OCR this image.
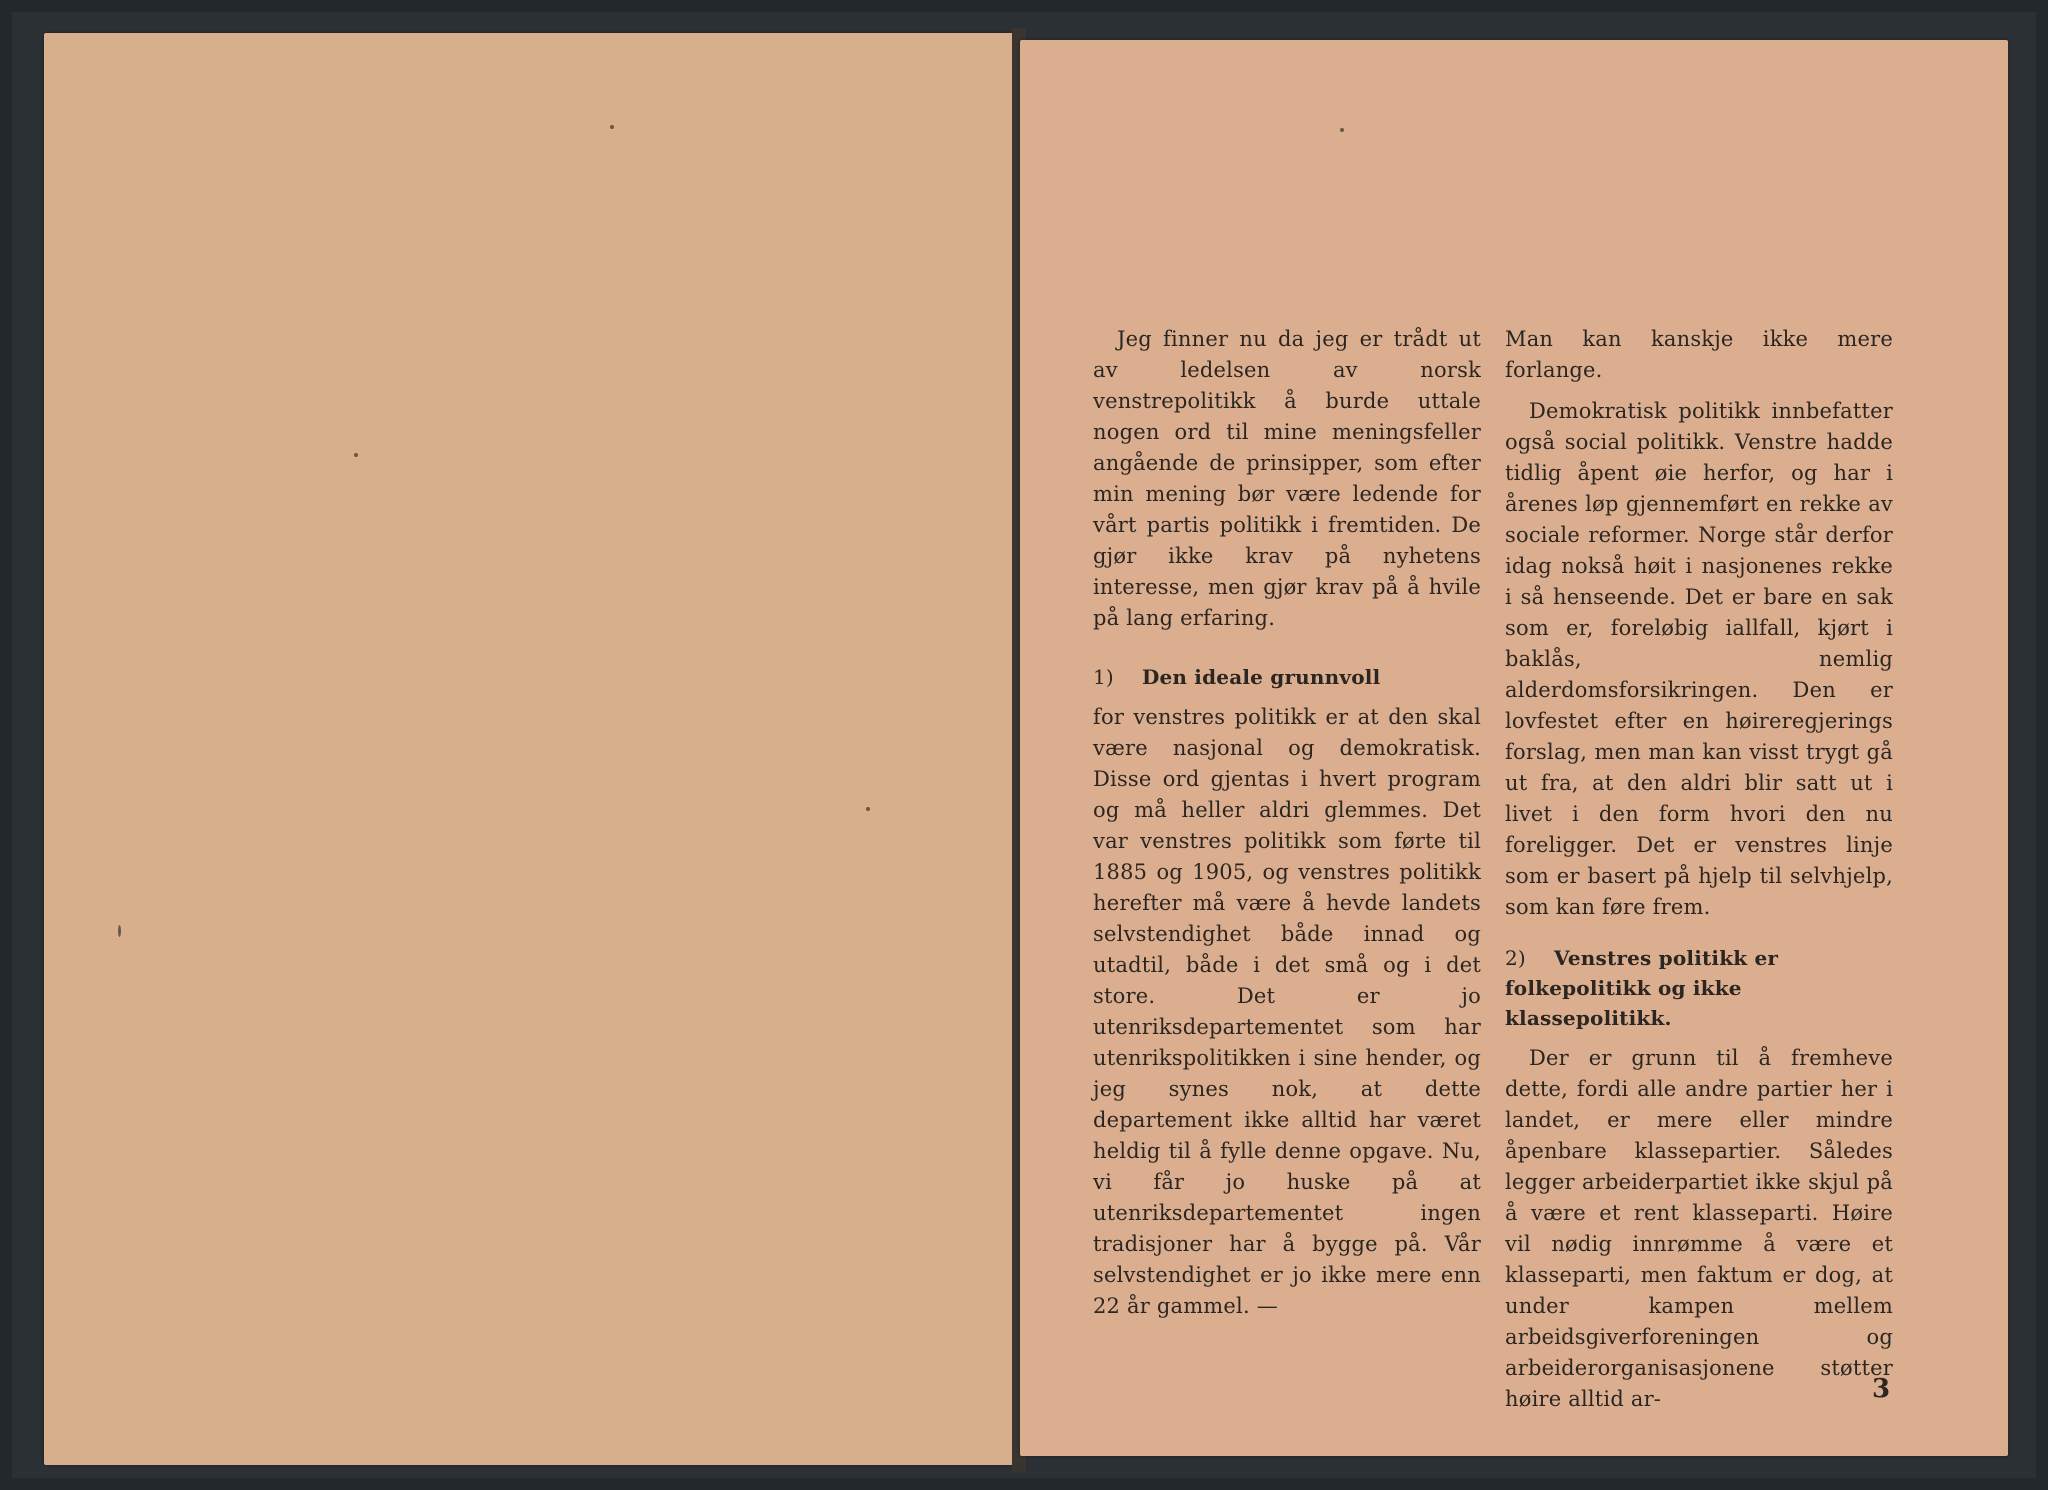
Jeg finner nu da jeg er trådt ut av ledelsen av norsk venstrepolitikk å burde uttale nogen ord til mine meningsfeller angående de prinsipper, som efter min mening bør være ledende for vårt partis politikk i fremtiden. De gjør ikke krav på nyhetens interesse, men gjør krav på å hvile på lang erfaring.

1) Den ideale grunnvoll

for venstres politikk er at den skal være nasjonal og demokratisk. Disse ord gjentas i hvert program og må heller aldri glemmes. Det var venstres politikk som førte til 1885 og 1905, og venstres politikk herefter må være å hevde landets selvstendighet både innad og utadtil, både i det små og i det store. Det er jo utenriksdepartementet som har utenrikspolitikken i sine hender, og jeg synes nok, at dette departement ikke alltid har været heldig til å fylle denne opgave. Nu, vi får jo huske på at utenriksdepartementet ingen tradisjoner har å bygge på. Vår selvstendighet er jo ikke mere enn 22 år gammel. —

Man kan kanskje ikke mere forlange.

Demokratisk politikk innbefatter også social politikk. Venstre hadde tidlig åpent øie herfor, og har i årenes løp gjennemført en rekke av sociale reformer. Norge står derfor idag nokså høit i nasjonenes rekke i så henseende. Det er bare en sak som er, foreløbig iallfall, kjørt i baklås, nemlig alderdomsforsikringen. Den er lovfestet efter en høireregjerings forslag, men man kan visst trygt gå ut fra, at den aldri blir satt ut i livet i den form hvori den nu foreligger. Det er venstres linje som er basert på hjelp til selvhjelp, som kan føre frem.

2) Venstres politikk er folkepolitikk og ikke klassepolitikk.

Der er grunn til å fremheve dette, fordi alle andre partier her i landet, er mere eller mindre åpenbare klassepartier. Således legger arbeiderpartiet ikke skjul på å være et rent klasseparti. Høire vil nødig innrømme å være et klasseparti, men faktum er dog, at under kampen mellem arbeidsgiverforeningen og arbeiderorganisasjonene støtter høire alltid ar-	3
